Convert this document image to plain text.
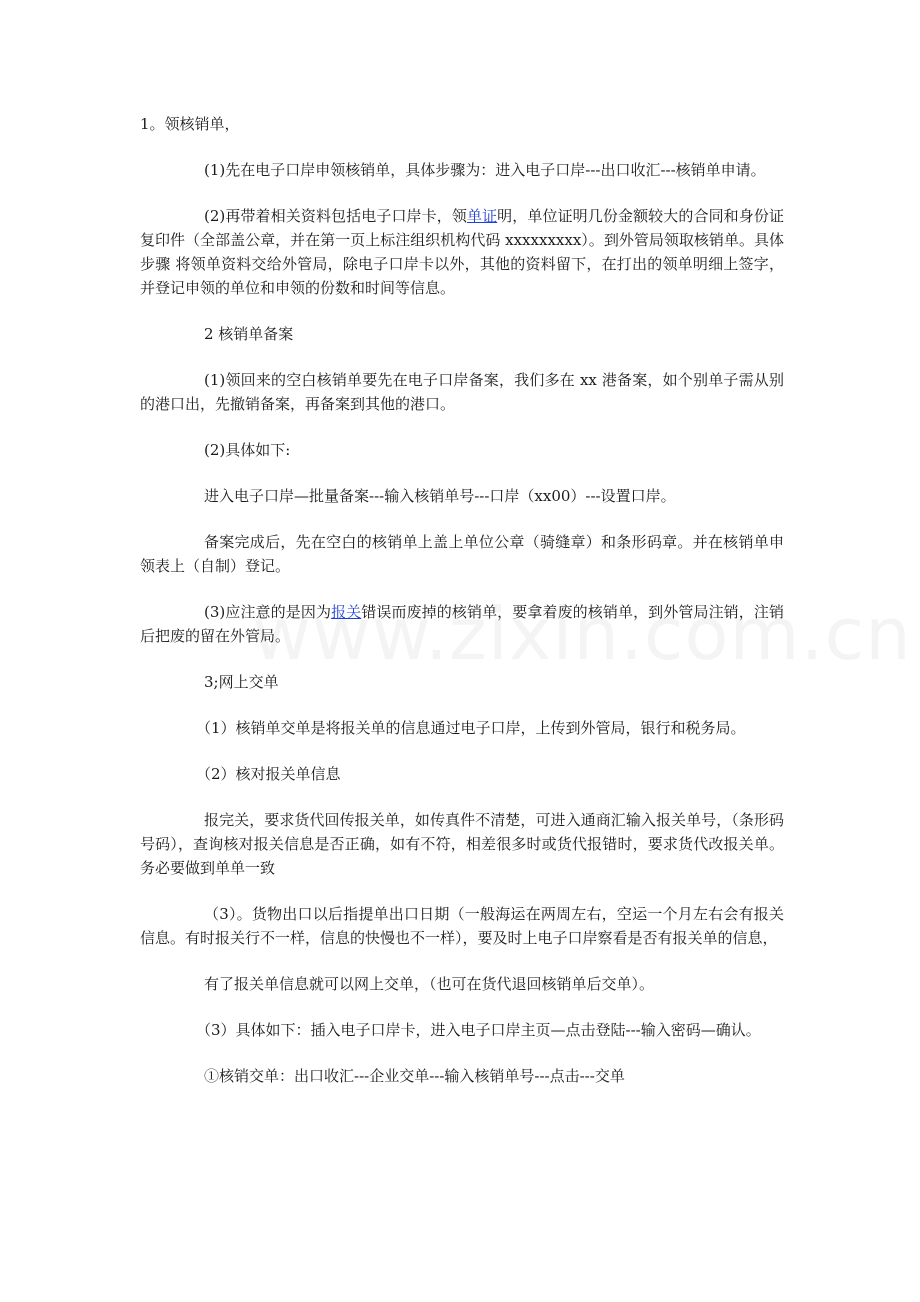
1。领核销单，

(1)先在电子口岸申领核销单，具体步骤为：进入电子口岸---出口收汇---核销单申请。

(2)再带着相关资料包括电子口岸卡，领单证明，单位证明几份金额较大的合同和身份证复印件（全部盖公章，并在第一页上标注组织机构代码 xxxxxxxxx）。到外管局领取核销单。具体步骤 将领单资料交给外管局，除电子口岸卡以外，其他的资料留下，在打出的领单明细上签字，并登记申领的单位和申领的份数和时间等信息。

2 核销单备案

(1)领回来的空白核销单要先在电子口岸备案，我们多在 xx 港备案，如个别单子需从别的港口出，先撤销备案，再备案到其他的港口。

(2)具体如下:

进入电子口岸—批量备案---输入核销单号---口岸（xx00）---设置口岸。

备案完成后，先在空白的核销单上盖上单位公章（骑缝章）和条形码章。并在核销单申领表上（自制）登记。

(3)应注意的是因为报关错误而废掉的核销单，要拿着废的核销单，到外管局注销，注销后把废的留在外管局。

3;网上交单

（1）核销单交单是将报关单的信息通过电子口岸，上传到外管局，银行和税务局。

（2）核对报关单信息

报完关，要求货代回传报关单，如传真件不清楚，可进入通商汇输入报关单号，（条形码号码），查询核对报关信息是否正确，如有不符，相差很多时或货代报错时，要求货代改报关单。务必要做到单单一致

（3）。货物出口以后指提单出口日期（一般海运在两周左右，空运一个月左右会有报关信息。有时报关行不一样，信息的快慢也不一样），要及时上电子口岸察看是否有报关单的信息，

有了报关单信息就可以网上交单，（也可在货代退回核销单后交单）。

（3）具体如下：插入电子口岸卡，进入电子口岸主页—点击登陆---输入密码—确认。

①核销交单：出口收汇---企业交单---输入核销单号---点击---交单
